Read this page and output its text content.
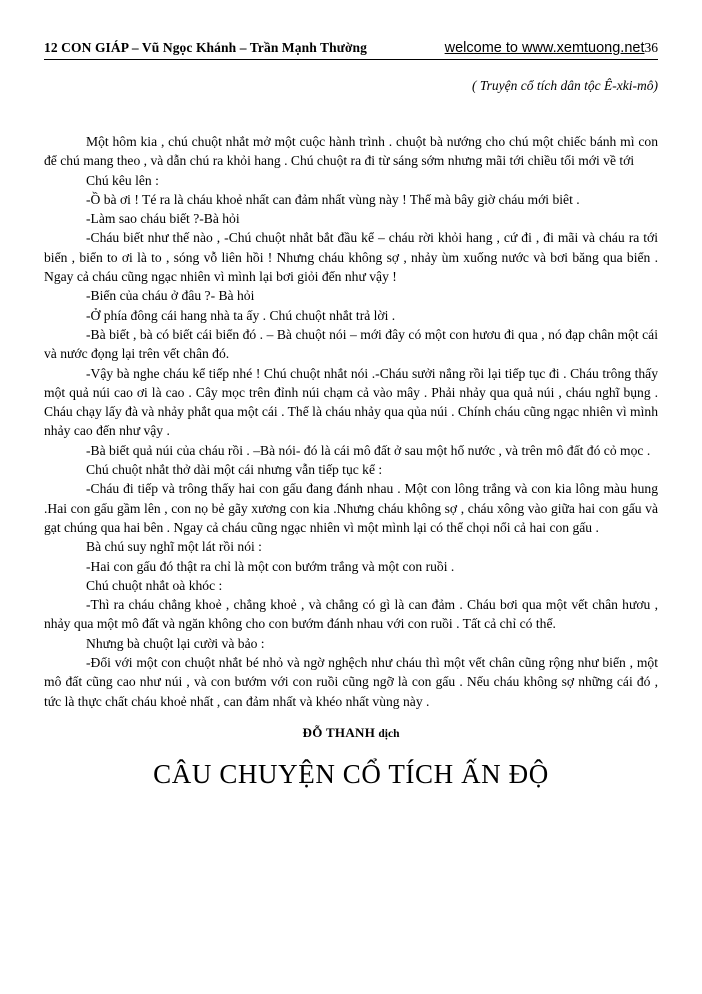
12 CON GIÁP – Vũ Ngọc Khánh – Trần Mạnh Thường	welcome to www.xemtuong.net 36
( Truyện cổ tích dân tộc Ê-xki-mô)

Một hôm kia , chú chuột nhắt mở một cuộc hành trình . chuột bà nướng cho chú một chiếc bánh mì con để chú mang theo , và dẫn chú ra khỏi hang . Chú chuột ra đi từ sáng sớm nhưng mãi tới chiều tối mới về tới

Chú kêu lên :

-Ồ bà ơi ! Té ra là cháu khoẻ nhất can đảm nhất vùng này ! Thế mà bây giờ cháu mới biêt .

-Làm sao cháu biết ?-Bà hỏi

-Cháu biết như thế nào , -Chú chuột nhắt bắt đầu kể – cháu rời khỏi hang , cứ đi , đi mãi và cháu ra tới biển , biển to ơi là to , sóng vỗ liên hồi ! Nhưng cháu không sợ , nhảy ùm xuống nước và bơi băng qua biển . Ngay cả cháu cũng ngạc nhiên vì mình lại bơi giỏi đến như vậy !

-Biển của cháu ở đâu ?- Bà hỏi

-Ở phía đông cái hang nhà ta ấy . Chú chuột nhắt trả lời .

-Bà biết , bà có biết cái biển đó . – Bà chuột nói – mới đây có một con hươu đi qua , nó đạp chân một cái và nước đọng lại trên vết chân đó.

-Vậy bà nghe cháu kể tiếp nhé ! Chú chuột nhắt nói .-Cháu sưởi nắng rồi lại tiếp tục đi . Cháu trông thấy một quả núi cao ơi là cao . Cây mọc trên đỉnh núi chạm cả vào mây . Phải nhảy qua quả núi , cháu nghĩ bụng . Cháu chạy lấy đà và nhảy phắt qua một cái . Thế là cháu nhảy qua qủa núi . Chính cháu cũng ngạc nhiên vì mình nhảy cao đến như vậy .

-Bà biết quả núi của cháu rồi . –Bà nói- đó là cái mô đất ở sau một hố nước , và trên mô đất đó cỏ mọc .

Chú chuột nhắt thở dài một cái nhưng vẫn tiếp tục kể :

-Cháu đi tiếp và trông thấy hai con gấu đang đánh nhau . Một con lông trắng và con kia lông màu hung .Hai con gấu gầm lên , con nọ bẻ gãy xương con kia .Nhưng cháu không sợ , cháu xông vào giữa hai con gấu và gạt chúng qua hai bên . Ngay cả cháu cũng ngạc nhiên vì một mình lại có thể chọi nổi cả hai con gấu .

Bà chú suy nghĩ một lát rồi nói :

-Hai con gấu đó thật ra chỉ là một con bướm trắng và một con ruồi .

Chú chuột nhắt oà khóc :

-Thì ra cháu chẳng khoẻ , chẳng khoẻ , và chẳng có gì là can đảm . Cháu bơi qua một vết chân hươu , nhảy qua một mô đất và ngăn không cho con bướm đánh nhau với con ruồi . Tất cả chỉ có thế.

Nhưng bà chuột lại cười và bảo :

-Đối với một con chuột nhắt bé nhỏ và ngờ nghệch như cháu thì một vết chân cũng rộng như biển , một mô đất cũng cao như núi , và con bướm với con ruồi cũng ngỡ là con gấu . Nếu cháu không sợ những cái đó , tức là thực chất cháu khoẻ nhất , can đảm nhất và khéo nhất vùng này .

ĐỖ THANH dịch
CÂU CHUYỆN CỔ TÍCH ẤN ĐỘ
